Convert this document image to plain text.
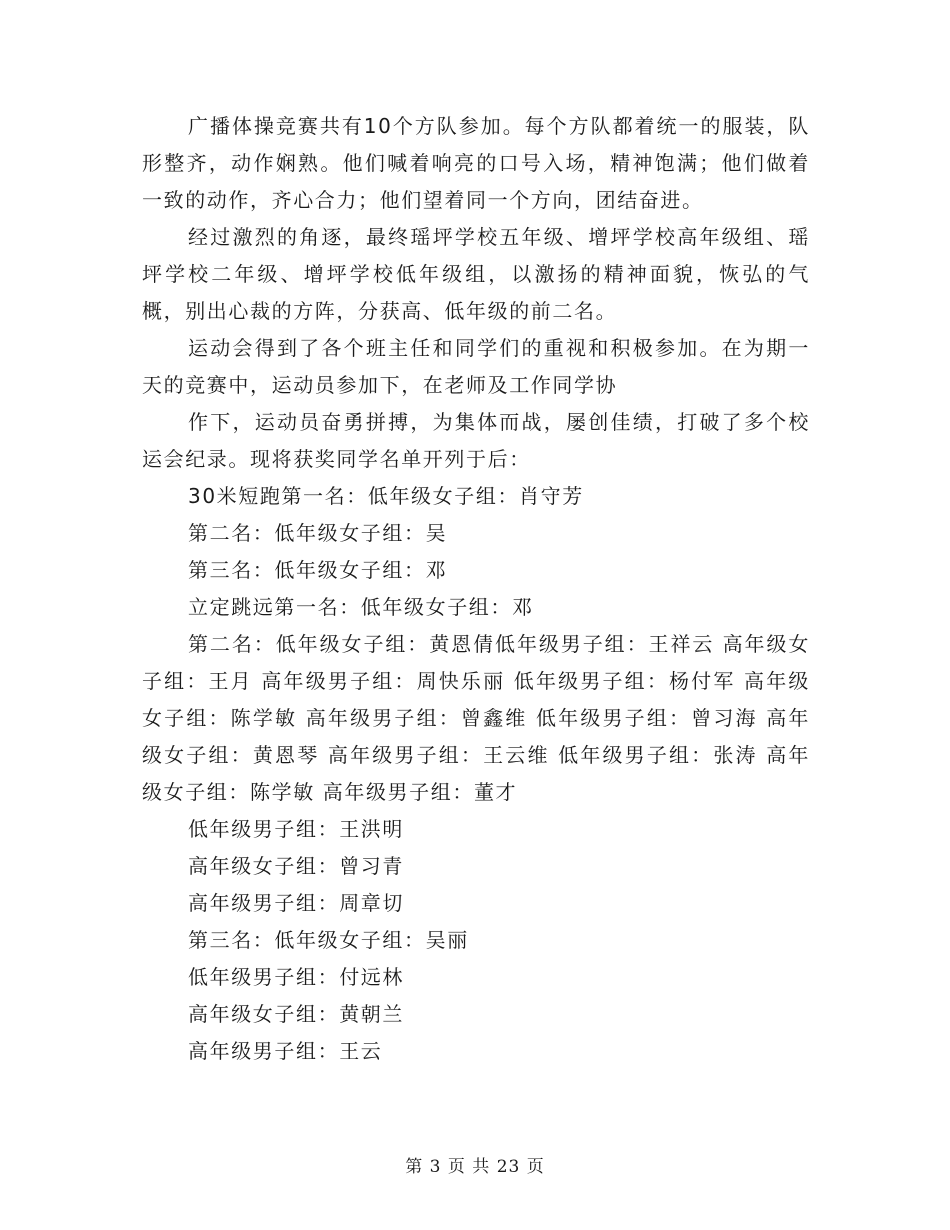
广播体操竞赛共有10个方队参加。每个方队都着统一的服装，队形整齐，动作娴熟。他们喊着响亮的口号入场，精神饱满；他们做着一致的动作，齐心合力；他们望着同一个方向，团结奋进。

经过激烈的角逐，最终瑶坪学校五年级、增坪学校高年级组、瑶坪学校二年级、增坪学校低年级组，以激扬的精神面貌，恢弘的气概，别出心裁的方阵，分获高、低年级的前二名。

运动会得到了各个班主任和同学们的重视和积极参加。在为期一天的竞赛中，运动员参加下，在老师及工作同学协

作下，运动员奋勇拼搏，为集体而战，屡创佳绩，打破了多个校运会纪录。现将获奖同学名单开列于后：

30米短跑第一名：低年级女子组：肖守芳

第二名：低年级女子组：吴

第三名：低年级女子组：邓

立定跳远第一名：低年级女子组：邓

第二名：低年级女子组：黄恩倩低年级男子组：王祥云 高年级女子组：王月 高年级男子组：周快乐丽 低年级男子组：杨付军 高年级女子组：陈学敏 高年级男子组：曾鑫维 低年级男子组：曾习海 高年级女子组：黄恩琴 高年级男子组：王云维 低年级男子组：张涛 高年级女子组：陈学敏 高年级男子组：董才

低年级男子组：王洪明

高年级女子组：曾习青

高年级男子组：周章切

第三名：低年级女子组：吴丽

低年级男子组：付远林

高年级女子组：黄朝兰

高年级男子组：王云

第 3 页 共 23 页
